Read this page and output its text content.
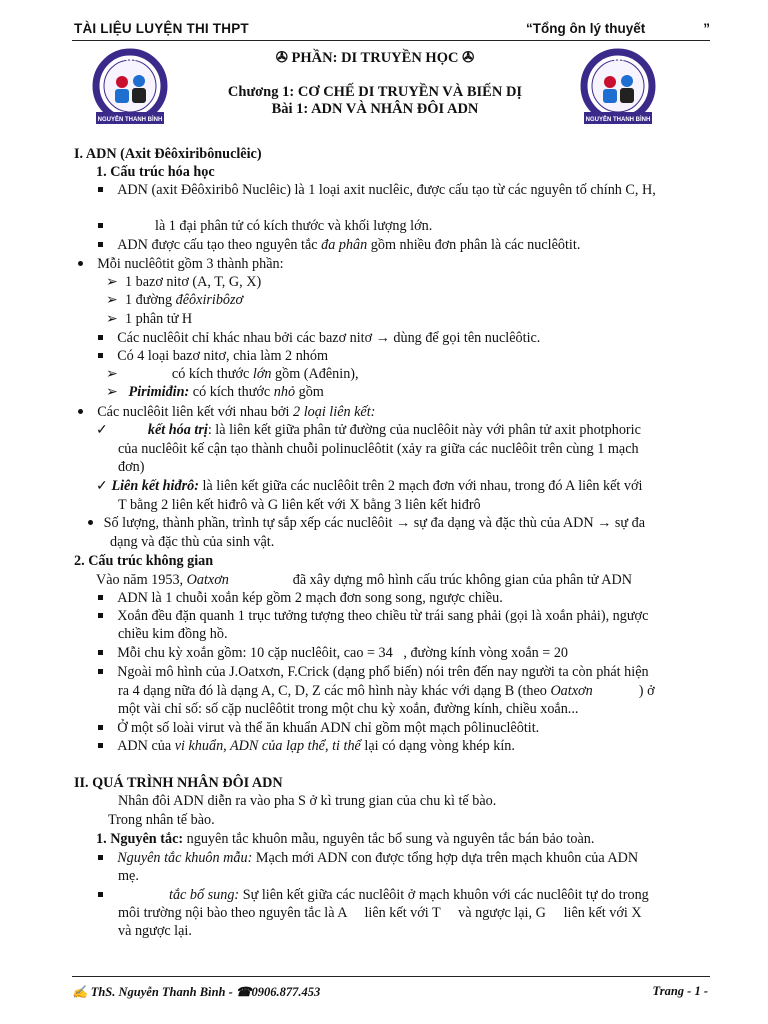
TÀI LIỆU LUYỆN THI THPT	“Tổng ôn lý thuyết	”
NGUYỄN THANH BÌNH	NGUYỄN THANH BÌNH
✇ PHẦN: DI TRUYỀN HỌC ✇
Chương 1: CƠ CHẾ DI TRUYỀN VÀ BIẾN DỊ
Bài 1: ADN VÀ NHÂN ĐÔI ADN
I. ADN (Axit Đêôxiribônuclêic)
1. Cấu trúc hóa học
ADN (axit Đêôxiribô Nuclêic) là 1 loại axit nuclêic, được cấu tạo từ các nguyên tố chính C, H,
là 1 đại phân tử có kích thước và khối lượng lớn.
ADN được cấu tạo theo nguyên tắc đa phân gồm nhiều đơn phân là các nuclêôtit.
Mỗi nuclêôtit gồm 3 thành phần:
➢ 1 bazơ nitơ (A, T, G, X)
➢ 1 đường đêôxiribôzơ
➢ 1 phân tử H
Các nuclêôit chỉ khác nhau bởi các bazơ nitơ → dùng để gọi tên nuclêôtic.
Có 4 loại bazơ nitơ, chia làm 2 nhóm
➢	có kích thước lớn gồm (Ađênin),
➢ Pirimiđin: có kích thước nhỏ gồm
Các nuclêôit liên kết với nhau bởi 2 loại liên kết:
✓	kết hóa trị: là liên kết giữa phân tử đường của nuclêôit này với phân tử axit photphoric
của nuclêôit kế cận tạo thành chuỗi polinuclêôtit (xảy ra giữa các nuclêôit trên cùng 1 mạch
đơn)
✓ Liên kết hiđrô: là liên kết giữa các nuclêôit trên 2 mạch đơn với nhau, trong đó A liên kết với
T bằng 2 liên kết hiđrô và G liên kết với X bằng 3 liên kết hiđrô
Số lượng, thành phần, trình tự sắp xếp các nuclêôit → sự đa dạng và đặc thù của ADN → sự đa
dạng và đặc thù của sinh vật.
2. Cấu trúc không gian
Vào năm 1953, Oatxơn                  đã xây dựng mô hình cấu trúc không gian của phân tử ADN
ADN là 1 chuỗi xoắn kép gồm 2 mạch đơn song song, ngược chiều.
Xoắn đều đặn quanh 1 trục tưởng tượng theo chiều từ trái sang phải (gọi là xoắn phải), ngược
chiều kim đồng hồ.
Mỗi chu kỳ xoắn gồm: 10 cặp nuclêôit, cao = 34   , đường kính vòng xoắn = 20
Ngoài mô hình của J.Oatxơn, F.Crick (dạng phổ biến) nói trên đến nay người ta còn phát hiện
ra 4 dạng nữa đó là dạng A, C, D, Z các mô hình này khác với dạng B (theo Oatxơn             ) ở
một vài chỉ số: số cặp nuclêôtit trong một chu kỳ xoắn, đường kính, chiều xoắn...
Ở một số loài virut và thể ăn khuẩn ADN chỉ gồm một mạch pôlinuclêôtit.
ADN của vi khuẩn, ADN của lạp thể, ti thể lại có dạng vòng khép kín.
II. QUÁ TRÌNH NHÂN ĐÔI ADN
Nhân đôi ADN diễn ra vào pha S ở kì trung gian của chu kì tế bào.
Trong nhân tế bào.
1. Nguyên tắc: nguyên tắc khuôn mẫu, nguyên tắc bổ sung và nguyên tắc bán bảo toàn.
Nguyên tắc khuôn mẫu: Mạch mới ADN con được tổng hợp dựa trên mạch khuôn của ADN
mẹ.
tắc bổ sung: Sự liên kết giữa các nuclêôit ở mạch khuôn với các nuclêôit tự do trong
môi trường nội bào theo nguyên tắc là A     liên kết với T     và ngược lại, G     liên kết với X
và ngược lại.
✍ ThS. Nguyễn Thanh Bình - ☎0906.877.453	Trang - 1 -
